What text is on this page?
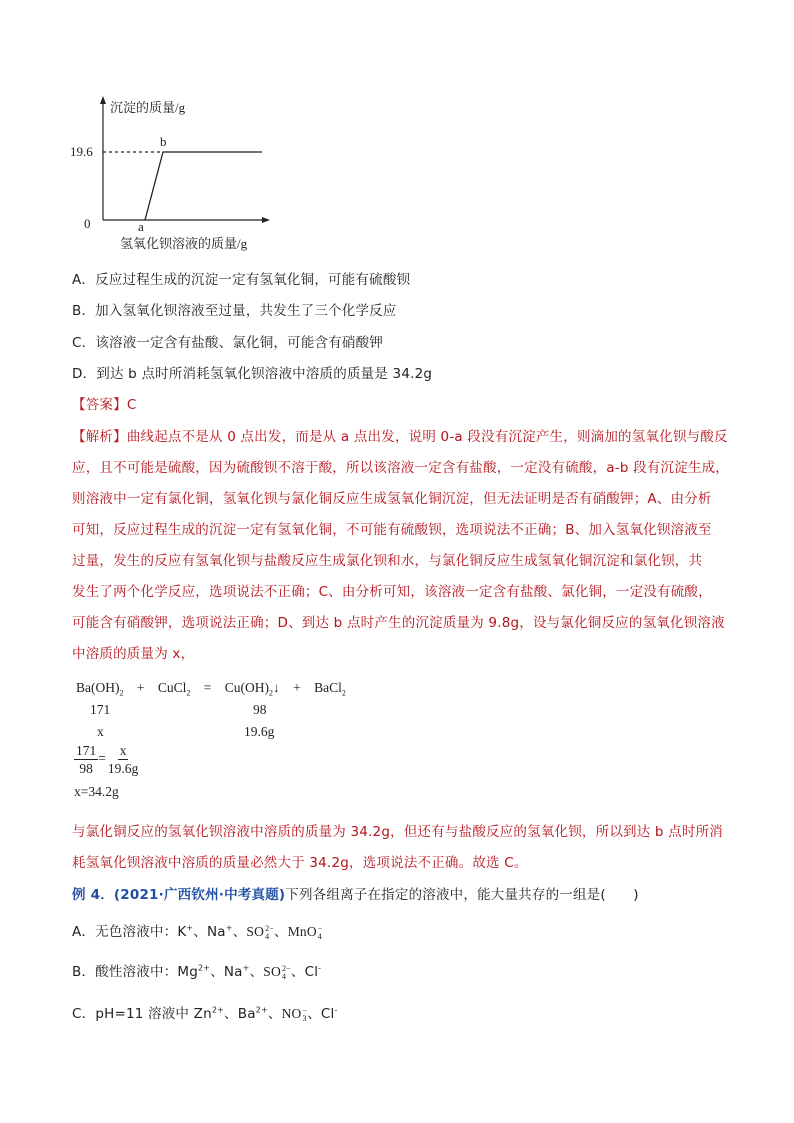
沉淀的质量/g
19.6
0	a
b
氢氧化钡溶液的质量/g
A．反应过程生成的沉淀一定有氢氧化铜，可能有硫酸钡
B．加入氢氧化钡溶液至过量，共发生了三个化学反应
C．该溶液一定含有盐酸、氯化铜，可能含有硝酸钾
D．到达 b 点时所消耗氢氧化钡溶液中溶质的质量是 34.2g
【答案】C
【解析】曲线起点不是从 0 点出发，而是从 a 点出发，说明 0-a 段没有沉淀产生，则滴加的氢氧化钡与酸反
应，且不可能是硫酸，因为硫酸钡不溶于酸，所以该溶液一定含有盐酸，一定没有硫酸，a-b 段有沉淀生成，
则溶液中一定有氯化铜，氢氧化钡与氯化铜反应生成氢氧化铜沉淀，但无法证明是否有硝酸钾；A、由分析
可知，反应过程生成的沉淀一定有氢氧化铜，不可能有硫酸钡，选项说法不正确；B、加入氢氧化钡溶液至
过量，发生的反应有氢氧化钡与盐酸反应生成氯化钡和水，与氯化铜反应生成氢氧化铜沉淀和氯化钡，共
发生了两个化学反应，选项说法不正确；C、由分析可知，该溶液一定含有盐酸、氯化铜，一定没有硫酸，
可能含有硝酸钾，选项说法正确；D、到达 b 点时产生的沉淀质量为 9.8g，设与氯化铜反应的氢氧化钡溶液
中溶质的质量为 x，
$Ba(OH)_2$ + CuCl$_2$ = $Cu(OH)_2↓$ + BaCl$_2$
171	98
x	19.6g
$\frac{171}{98} = \frac{x}{19.6g}$
x=34.2g
与氯化铜反应的氢氧化钡溶液中溶质的质量为 34.2g，但还有与盐酸反应的氢氧化钡，所以到达 b 点时所消
耗氢氧化钡溶液中溶质的质量必然大于 34.2g，选项说法不正确。故选 C。
例 4．(2021·广西钦州·中考真题)下列各组离子在指定的溶液中，能大量共存的一组是(　　)
A．无色溶液中：K+、Na+、SO 2−
4 、MnO −
4
B．酸性溶液中：$Mg^{2+}$、Na+、SO 2−
4 、Cl-
C．pH=11 溶液中 $Zn^{2+}$、$Ba^{2+}$、NO −
3 、Cl-
